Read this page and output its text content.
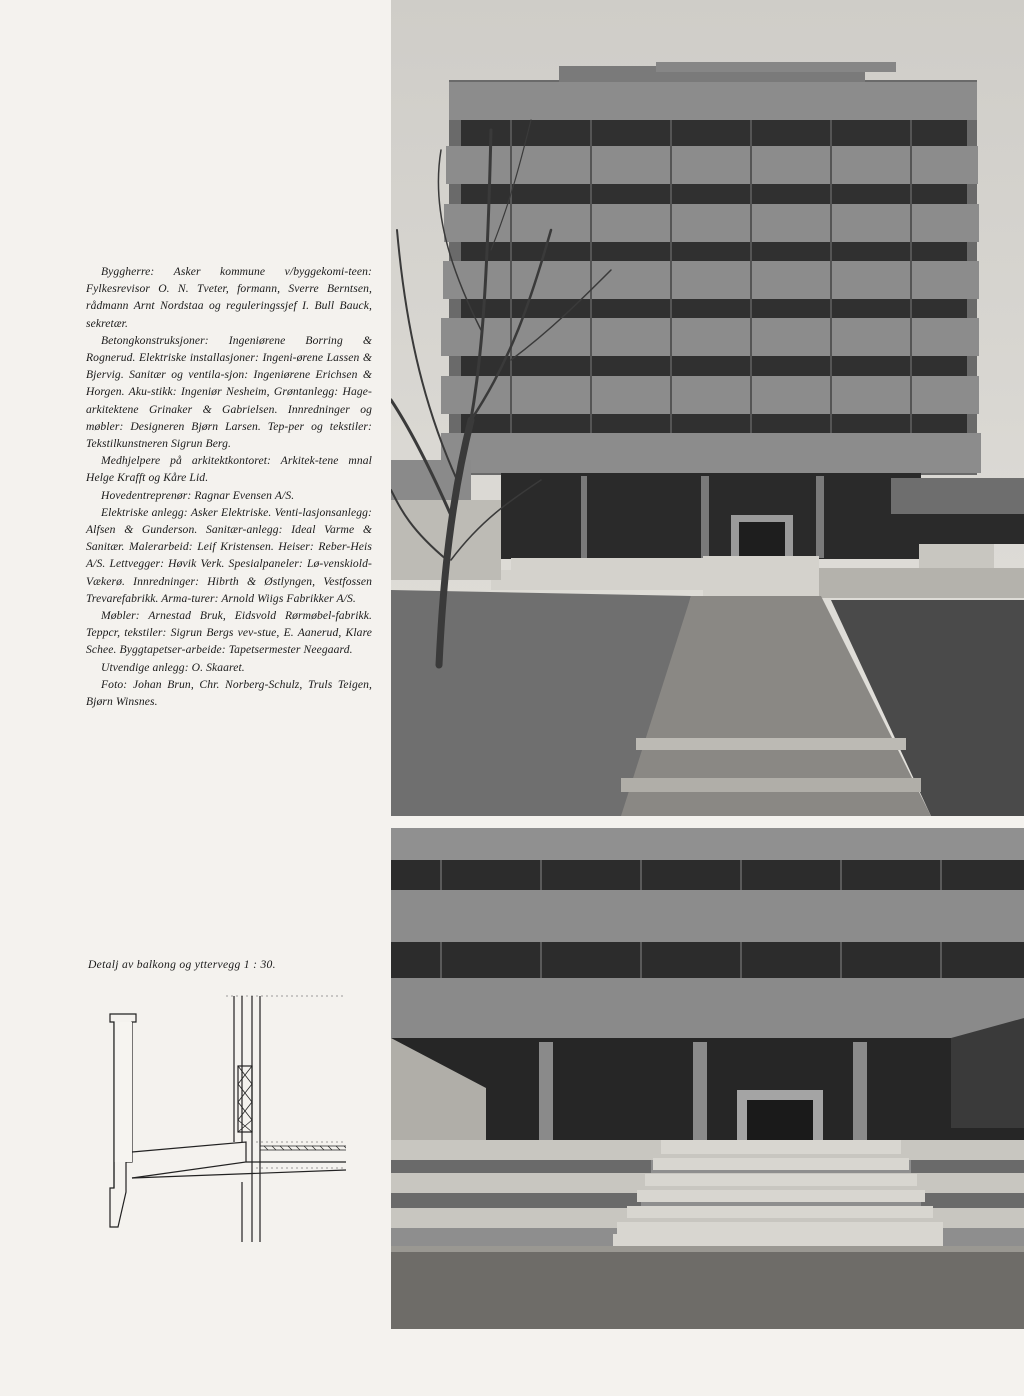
Byggherre: Asker kommune v/byggekomi-teen: Fylkesrevisor O. N. Tveter, formann, Sverre Berntsen, rådmann Arnt Nordstaa og reguleringssjef I. Bull Bauck, sekretær.

Betongkonstruksjoner: Ingeniørene Borring & Rognerud. Elektriske installasjoner: Ingeni-ørene Lassen & Bjervig. Sanitær og ventila-sjon: Ingeniørene Erichsen & Horgen. Aku-stikk: Ingeniør Nesheim, Grøntanlegg: Hage-arkitektene Grinaker & Gabrielsen. Innredninger og møbler: Designeren Bjørn Larsen. Tep-per og tekstiler: Tekstilkunstneren Sigrun Berg.

Medhjelpere på arkitektkontoret: Arkitek-tene mnal Helge Krafft og Kåre Lid.

Hovedentreprenør: Ragnar Evensen A/S.

Elektriske anlegg: Asker Elektriske. Venti-lasjonsanlegg: Alfsen & Gunderson. Sanitær-anlegg: Ideal Varme & Sanitær. Malerarbeid: Leif Kristensen. Heiser: Reber-Heis A/S. Lettvegger: Høvik Verk. Spesialpaneler: Lø-venskiold-Vækerø. Innredninger: Hibrth & Østlyngen, Vestfossen Trevarefabrikk. Arma-turer: Arnold Wiigs Fabrikker A/S.

Møbler: Arnestad Bruk, Eidsvold Rørmøbel-fabrikk. Teppcr, tekstiler: Sigrun Bergs vev-stue, E. Aanerud, Klare Schee. Byggtapetser-arbeide: Tapetsermester Neegaard.

Utvendige anlegg: O. Skaaret.

Foto: Johan Brun, Chr. Norberg-Schulz, Truls Teigen, Bjørn Winsnes.

Detalj av balkong og yttervegg 1 : 30.
